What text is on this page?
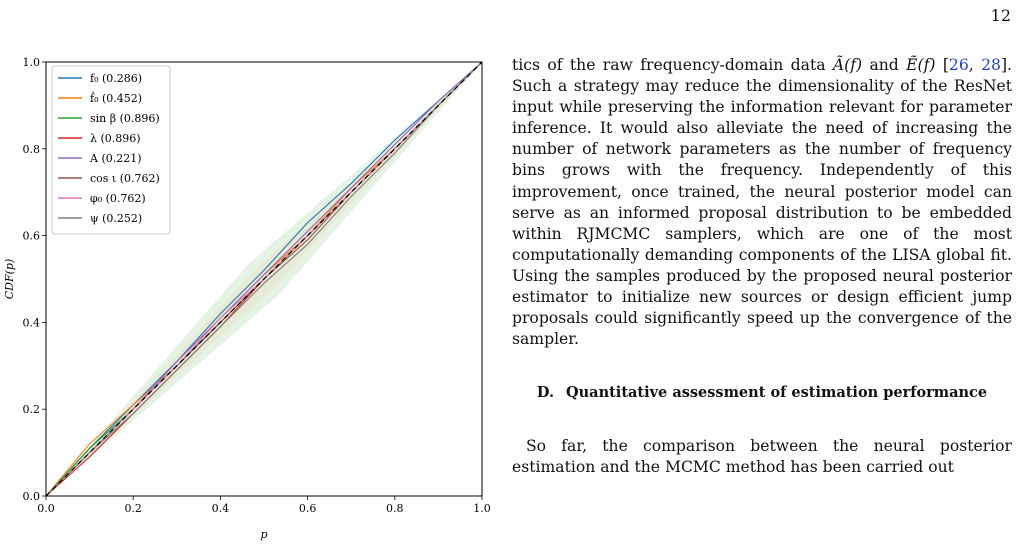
12
0.0	0.2	0.4	0.6	0.8	1.0
0.0
0.2
0.4
0.6
0.8
1.0
p
CDF(p)
f₀ (0.286)
ḟ₀ (0.452)
sin β (0.896)
λ (0.896)
A (0.221)
cos ι (0.762)
φ₀ (0.762)
ψ (0.252)

tics of the raw frequency-domain data Ã(f) and Ẽ(f) [26, 28]. Such a strategy may reduce the dimensionality of the ResNet input while preserving the information relevant for parameter inference. It would also alleviate the need of increasing the number of network parameters as the number of frequency bins grows with the frequency. Independently of this improvement, once trained, the neural posterior model can serve as an informed proposal distribution to be embedded within RJMCMC samplers, which are one of the most computationally demanding components of the LISA global fit. Using the samples produced by the proposed neural posterior estimator to initialize new sources or design efficient jump proposals could significantly speed up the convergence of the sampler.

D. Quantitative assessment of estimation performance

So far, the comparison between the neural posterior estimation and the MCMC method has been carried out
